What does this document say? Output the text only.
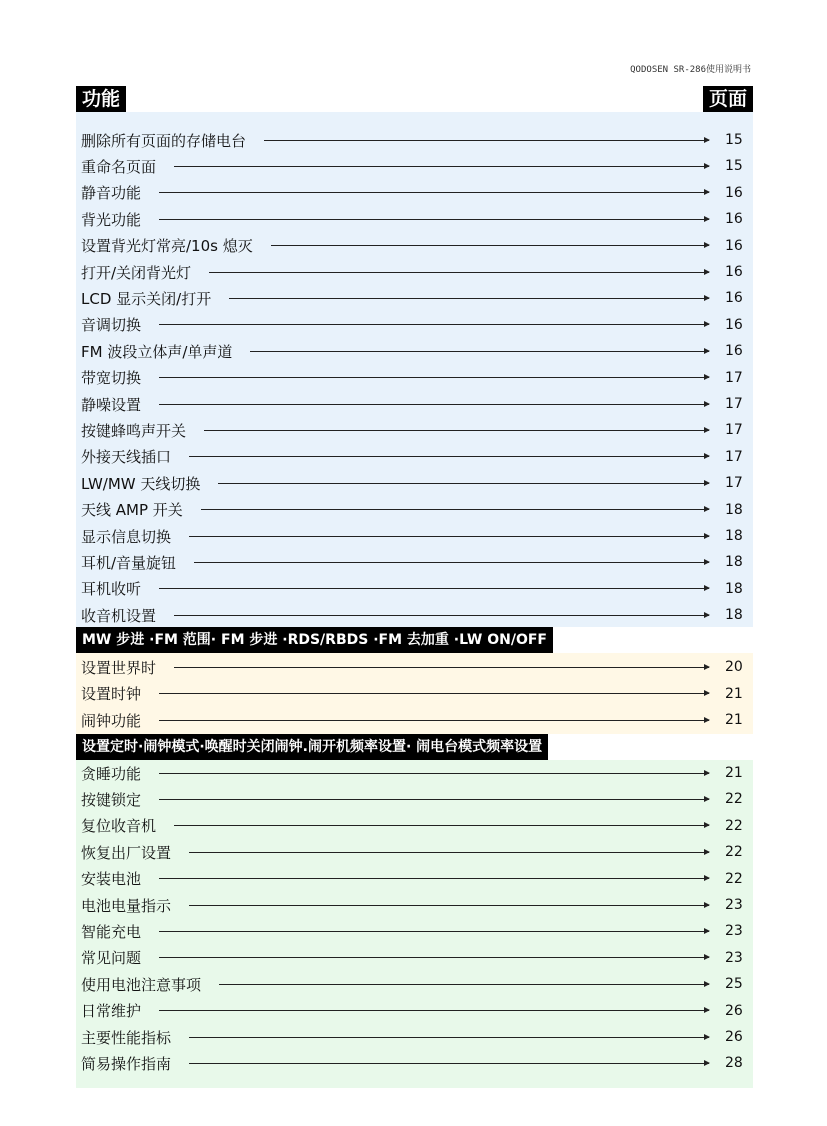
QODOSEN SR-286使用说明书
功能	页面
删除所有页面的存储电台	15
重命名页面	15
静音功能	16
背光功能	16
设置背光灯常亮/10s 熄灭	16
打开/关闭背光灯	16
LCD 显示关闭/打开	16
音调切换	16
FM 波段立体声/单声道	16
带宽切换	17
静噪设置	17
按键蜂鸣声开关	17
外接天线插口	17
LW/MW 天线切换	17
天线 AMP 开关	18
显示信息切换	18
耳机/音量旋钮	18
耳机收听	18
收音机设置	18
MW 步进 ·FM 范围· FM 步进 ·RDS/RBDS ·FM 去加重 ·LW ON/OFF
设置世界时	20
设置时钟	21
闹钟功能	21
设置定时·闹钟模式·唤醒时关闭闹钟.闹开机频率设置· 闹电台模式频率设置
贪睡功能	21
按键锁定	22
复位收音机	22
恢复出厂设置	22
安装电池	22
电池电量指示	23
智能充电	23
常见问题	23
使用电池注意事项	25
日常维护	26
主要性能指标	26
简易操作指南	28
